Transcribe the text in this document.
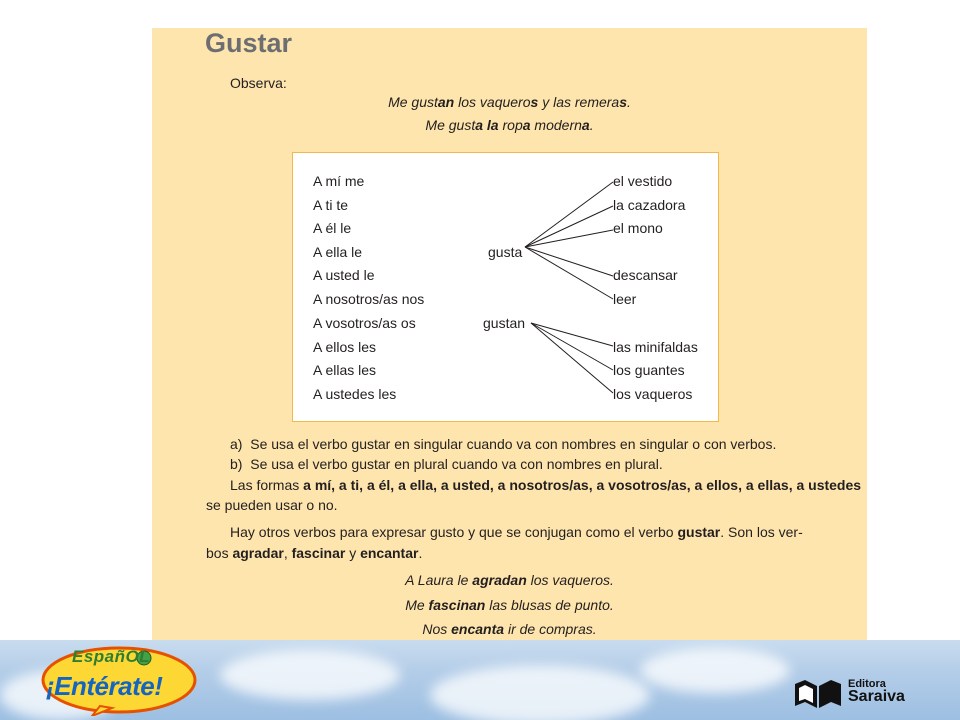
Gustar
Observa:
Me gustan los vaqueros y las remeras.
Me gusta la ropa moderna.
A mí me
A ti te
A él le
A ella le
A usted le
A nosotros/as nos
A vosotros/as os
A ellos les
A ellas les
A ustedes les
gusta
gustan
el vestido
la cazadora
el mono
descansar
leer
las minifaldas
los guantes
los vaqueros
a) Se usa el verbo gustar en singular cuando va con nombres en singular o con verbos.
b) Se usa el verbo gustar en plural cuando va con nombres en plural.
Las formas a mí, a ti, a él, a ella, a usted, a nosotros/as, a vosotros/as, a ellos, a ellas, a ustedes
se pueden usar o no.
Hay otros verbos para expresar gusto y que se conjugan como el verbo gustar. Son los ver-
bos agradar, fascinar y encantar.
A Laura le agradan los vaqueros.
Me fascinan las blusas de punto.
Nos encanta ir de compras.
EspañOL
¡Entérate!	Editora
Saraiva
